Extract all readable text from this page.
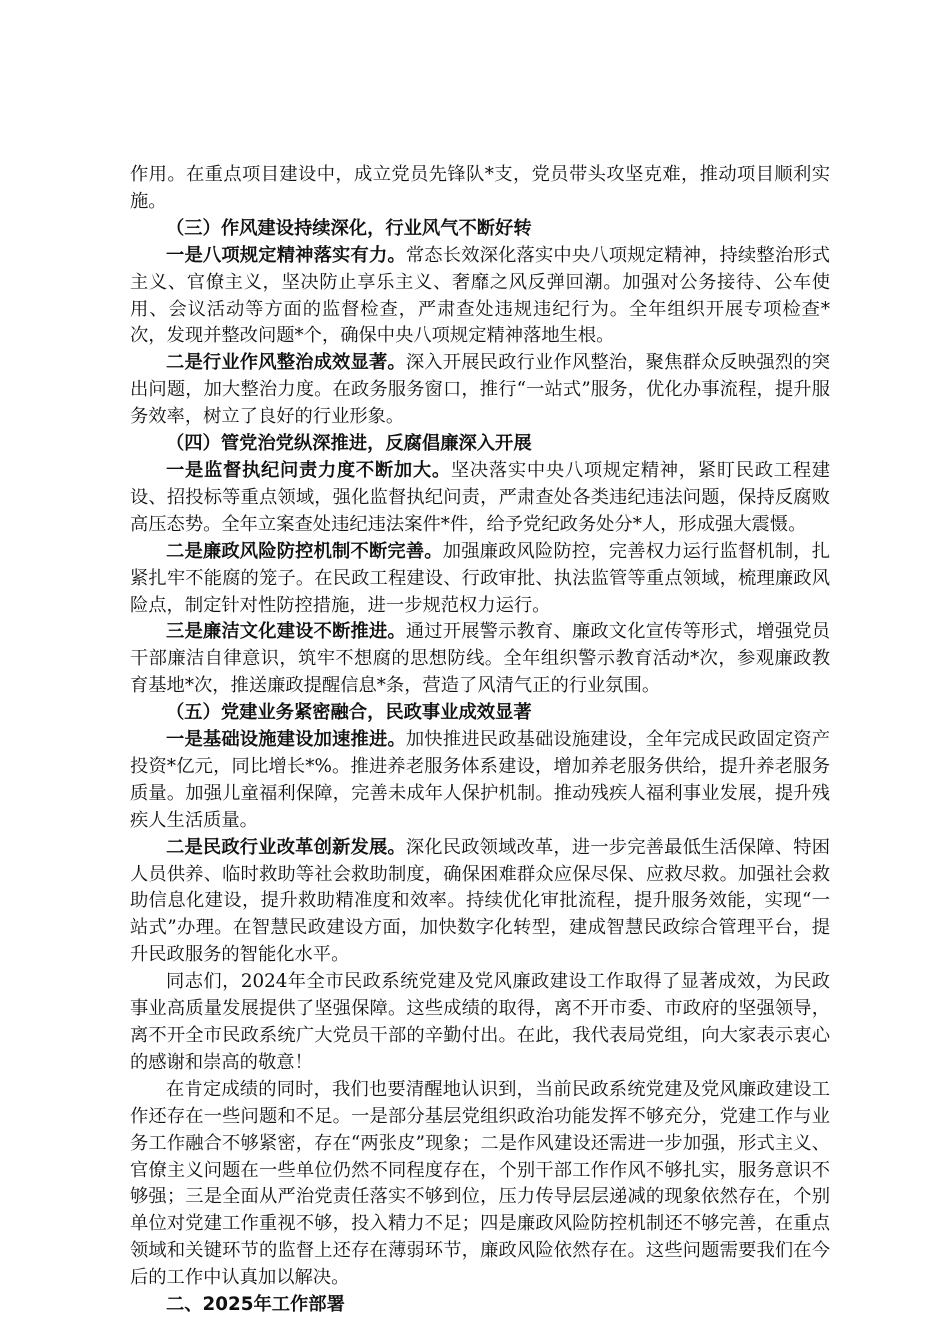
作用。在重点项目建设中，成立党员先锋队*支，党员带头攻坚克难，推动项目顺利实施。

（三）作风建设持续深化，行业风气不断好转

一是八项规定精神落实有力。常态长效深化落实中央八项规定精神，持续整治形式主义、官僚主义，坚决防止享乐主义、奢靡之风反弹回潮。加强对公务接待、公车使用、会议活动等方面的监督检查，严肃查处违规违纪行为。全年组织开展专项检查*次，发现并整改问题*个，确保中央八项规定精神落地生根。

二是行业作风整治成效显著。深入开展民政行业作风整治，聚焦群众反映强烈的突出问题，加大整治力度。在政务服务窗口，推行“一站式”服务，优化办事流程，提升服务效率，树立了良好的行业形象。

（四）管党治党纵深推进，反腐倡廉深入开展

一是监督执纪问责力度不断加大。坚决落实中央八项规定精神，紧盯民政工程建设、招投标等重点领域，强化监督执纪问责，严肃查处各类违纪违法问题，保持反腐败高压态势。全年立案查处违纪违法案件*件，给予党纪政务处分*人，形成强大震慑。

二是廉政风险防控机制不断完善。加强廉政风险防控，完善权力运行监督机制，扎紧扎牢不能腐的笼子。在民政工程建设、行政审批、执法监管等重点领域，梳理廉政风险点，制定针对性防控措施，进一步规范权力运行。

三是廉洁文化建设不断推进。通过开展警示教育、廉政文化宣传等形式，增强党员干部廉洁自律意识，筑牢不想腐的思想防线。全年组织警示教育活动*次，参观廉政教育基地*次，推送廉政提醒信息*条，营造了风清气正的行业氛围。

（五）党建业务紧密融合，民政事业成效显著

一是基础设施建设加速推进。加快推进民政基础设施建设，全年完成民政固定资产投资*亿元，同比增长*%。推进养老服务体系建设，增加养老服务供给，提升养老服务质量。加强儿童福利保障，完善未成年人保护机制。推动残疾人福利事业发展，提升残疾人生活质量。

二是民政行业改革创新发展。深化民政领域改革，进一步完善最低生活保障、特困人员供养、临时救助等社会救助制度，确保困难群众应保尽保、应救尽救。加强社会救助信息化建设，提升救助精准度和效率。持续优化审批流程，提升服务效能，实现“一站式”办理。在智慧民政建设方面，加快数字化转型，建成智慧民政综合管理平台，提升民政服务的智能化水平。

同志们，2024年全市民政系统党建及党风廉政建设工作取得了显著成效，为民政事业高质量发展提供了坚强保障。这些成绩的取得，离不开市委、市政府的坚强领导，离不开全市民政系统广大党员干部的辛勤付出。在此，我代表局党组，向大家表示衷心的感谢和崇高的敬意！

在肯定成绩的同时，我们也要清醒地认识到，当前民政系统党建及党风廉政建设工作还存在一些问题和不足。一是部分基层党组织政治功能发挥不够充分，党建工作与业务工作融合不够紧密，存在“两张皮”现象；二是作风建设还需进一步加强，形式主义、官僚主义问题在一些单位仍然不同程度存在，个别干部工作作风不够扎实，服务意识不够强；三是全面从严治党责任落实不够到位，压力传导层层递减的现象依然存在，个别单位对党建工作重视不够，投入精力不足；四是廉政风险防控机制还不够完善，在重点领域和关键环节的监督上还存在薄弱环节，廉政风险依然存在。这些问题需要我们在今后的工作中认真加以解决。

二、2025年工作部署
